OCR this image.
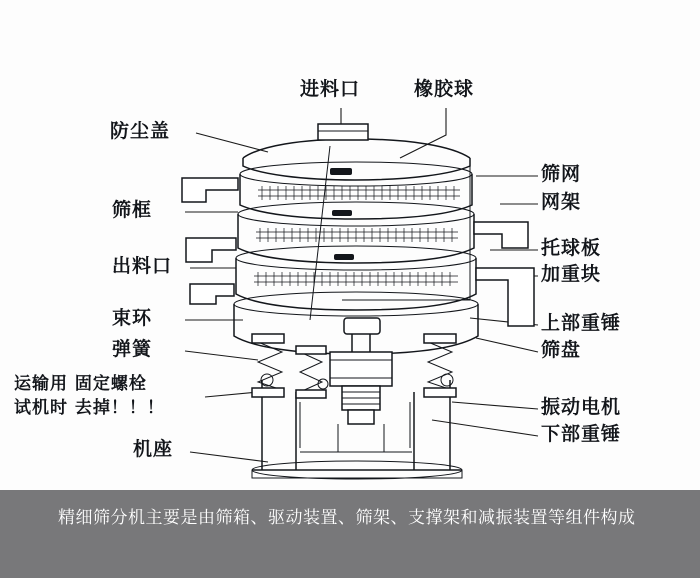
进料口	橡胶球
防尘盖
筛框
出料口
束环
弹簧
运输用 固定螺栓
试机时 去掉！！！
机座
筛网
网架
托球板
加重块
上部重锤
筛盘
振动电机
下部重锤
精细筛分机主要是由筛箱、驱动装置、筛架、支撑架和减振装置等组件构成
